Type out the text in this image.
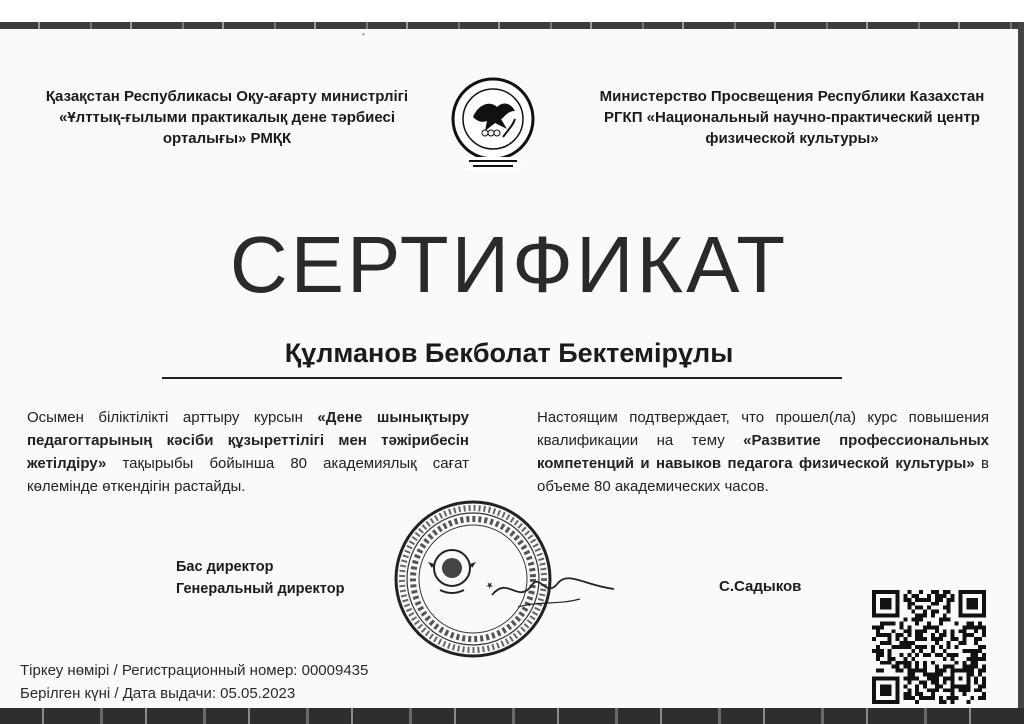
᛫
Қазақстан Республикасы Оқу-ағарту министрлігі
«Ұлттық-ғылыми практикалық дене тәрбиесі
орталығы» РМҚК
Министерство Просвещения Республики Казахстан
РГКП «Национальный научно-практический центр
физической культуры»
СЕРТИФИКАТ
Құлманов Бекболат Бектемірұлы
Осымен біліктілікті арттыру курсын «Дене шынықтыру педагогтарының кәсіби құзыреттілігі мен тәжірибесін жетілдіру» тақырыбы бойынша 80 академиялық сағат көлемінде өткендігін растайды.
Настоящим подтверждает, что прошел(ла) курс повышения квалификации на тему «Развитие профессиональных компетенций и навыков педагога физической культуры» в объеме 80 академических часов.
Бас директор
Генеральный директор	★	С.Садыков
Тіркеу нөмірі / Регистрационный номер: 00009435
Берілген күні / Дата выдачи: 05.05.2023
